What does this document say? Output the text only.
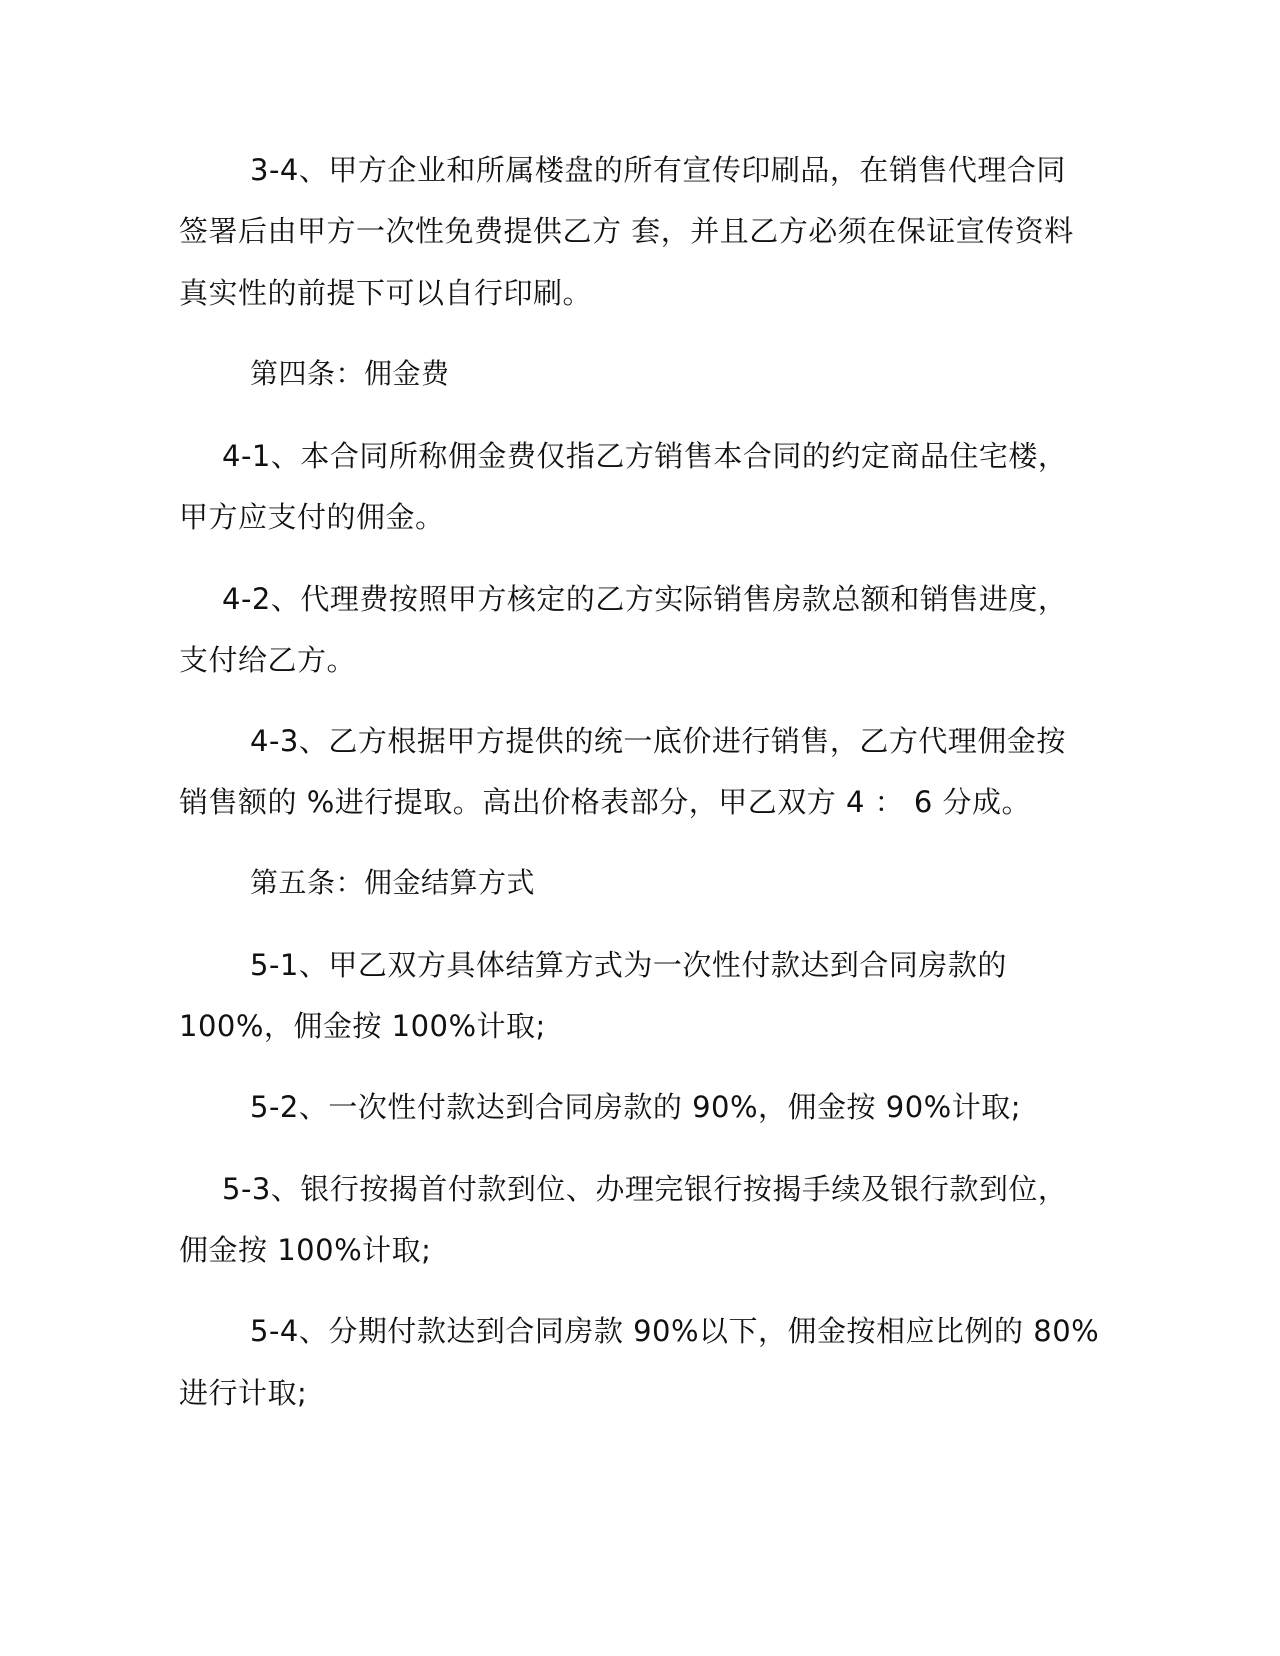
3-4、甲方企业和所属楼盘的所有宣传印刷品，在销售代理合同

签署后由甲方一次性免费提供乙方 套，并且乙方必须在保证宣传资料

真实性的前提下可以自行印刷。

第四条：佣金费

4-1、本合同所称佣金费仅指乙方销售本合同的约定商品住宅楼，

甲方应支付的佣金。

4-2、代理费按照甲方核定的乙方实际销售房款总额和销售进度，

支付给乙方。

4-3、乙方根据甲方提供的统一底价进行销售，乙方代理佣金按

销售额的 %进行提取。高出价格表部分，甲乙双方 4 ： 6 分成。

第五条：佣金结算方式

5-1、甲乙双方具体结算方式为一次性付款达到合同房款的

100%，佣金按 100%计取;

5-2、一次性付款达到合同房款的 90%，佣金按 90%计取;

5-3、银行按揭首付款到位、办理完银行按揭手续及银行款到位，

佣金按 100%计取;

5-4、分期付款达到合同房款 90%以下，佣金按相应比例的 80%

进行计取;
